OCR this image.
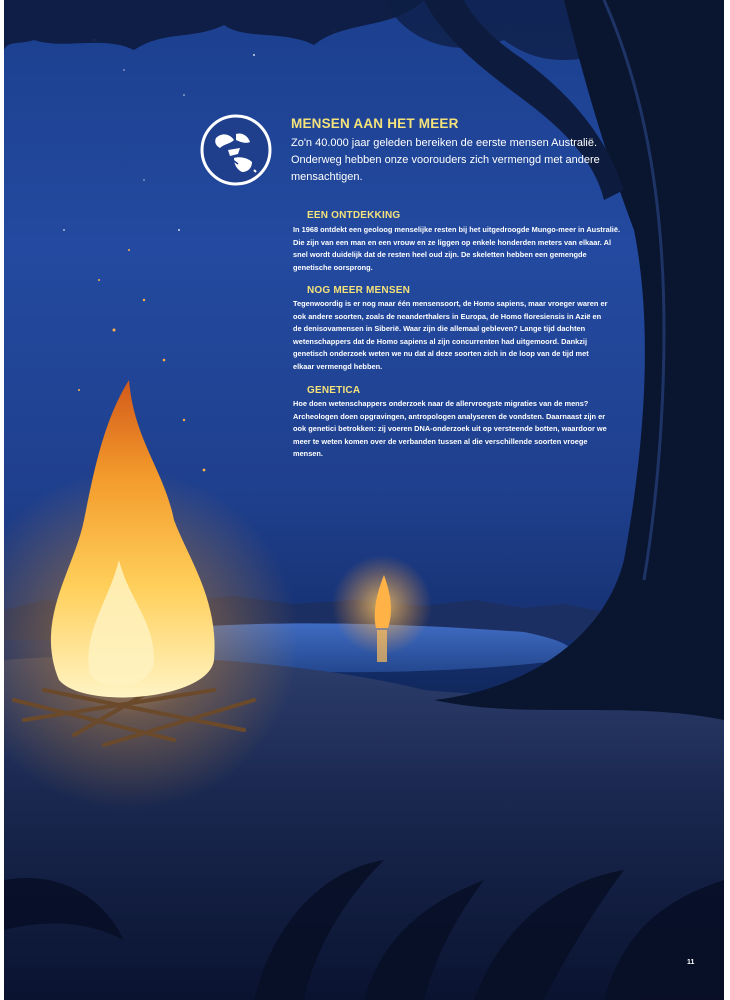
MENSEN AAN HET MEER

Zo'n 40.000 jaar geleden bereiken de eerste mensen Australië. Onderweg hebben onze voorouders zich vermengd met andere mensachtigen.

EEN ONTDEKKING

In 1968 ontdekt een geoloog menselijke resten bij het uitgedroogde Mungo-meer in Australië. Die zijn van een man en een vrouw en ze liggen op enkele honderden meters van elkaar. Al snel wordt duidelijk dat de resten heel oud zijn. De skeletten hebben een gemengde genetische oorsprong.

NOG MEER MENSEN

Tegenwoordig is er nog maar één mensensoort, de Homo sapiens, maar vroeger waren er ook andere soorten, zoals de neanderthalers in Europa, de Homo floresiensis in Azië en de denisovamensen in Siberië. Waar zijn die allemaal gebleven? Lange tijd dachten wetenschappers dat de Homo sapiens al zijn concurrenten had uitgemoord. Dankzij genetisch onderzoek weten we nu dat al deze soorten zich in de loop van de tijd met elkaar vermengd hebben.

GENETICA

Hoe doen wetenschappers onderzoek naar de allervroegste migraties van de mens? Archeologen doen opgravingen, antropologen analyseren de vondsten. Daarnaast zijn er ook genetici betrokken: zij voeren DNA-onderzoek uit op versteende botten, waardoor we meer te weten komen over de verbanden tussen al die verschillende soorten vroege mensen.

11
